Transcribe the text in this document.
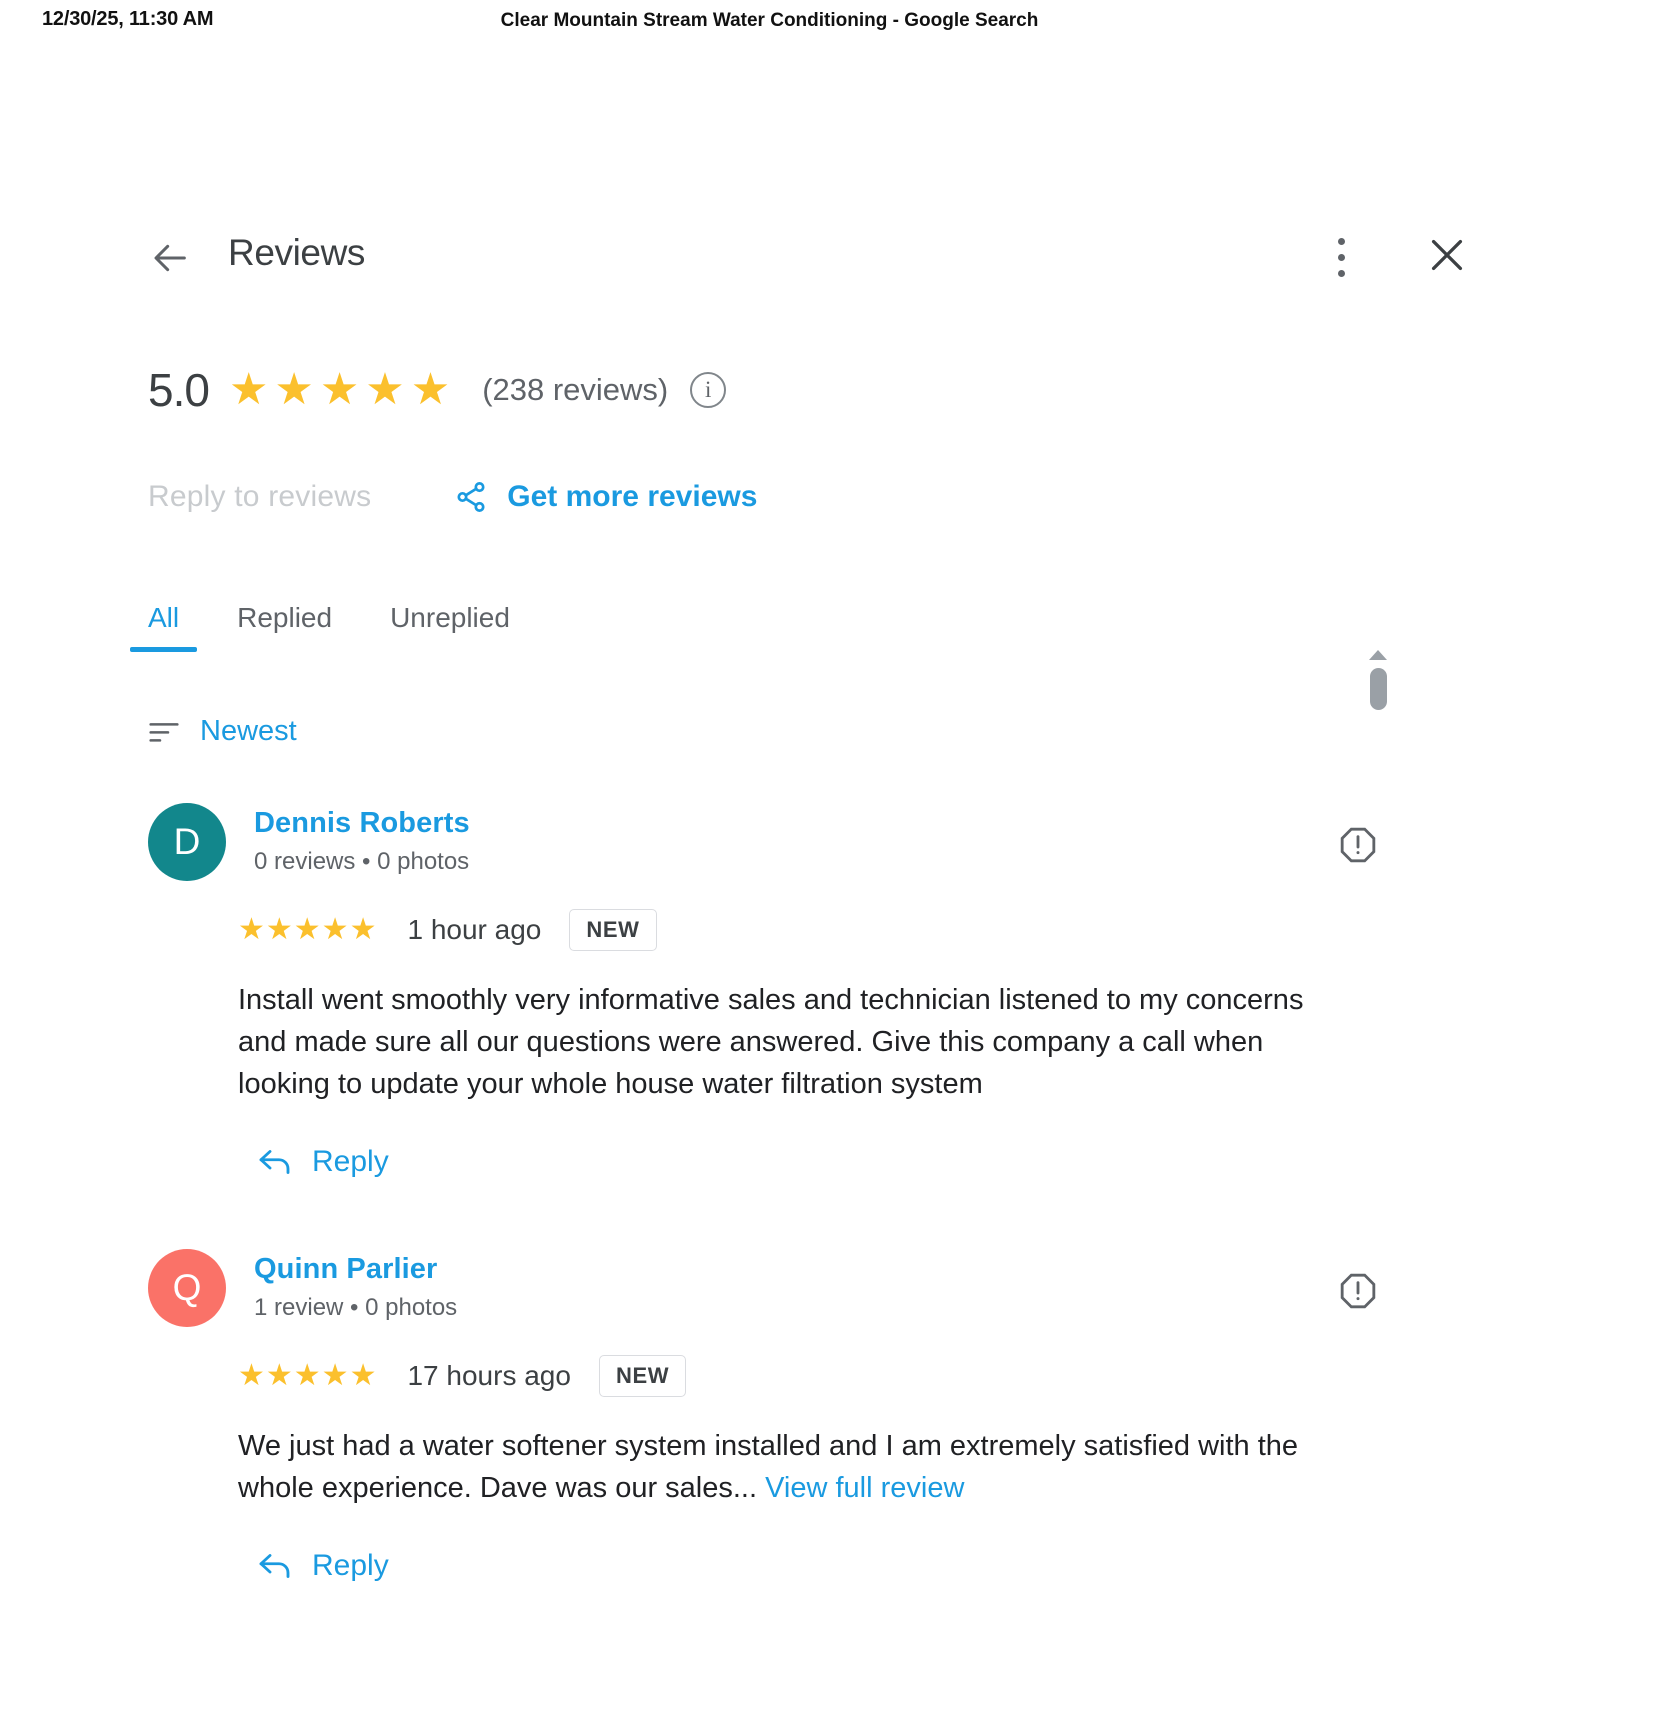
12/30/25, 11:30 AM	Clear Mountain Stream Water Conditioning - Google Search
Reviews
5.0 ★★★★★ (238 reviews)	i
Reply to reviews	Get more reviews
All Replied Unreplied
Newest
D	Dennis Roberts
0 reviews • 0 photos
★★★★★ 1 hour ago	NEW
Install went smoothly very informative sales and technician listened to my concerns and made sure all our questions were answered. Give this company a call when looking to update your whole house water filtration system
Reply
Q	Quinn Parlier
1 review • 0 photos
★★★★★ 17 hours ago	NEW
We just had a water softener system installed and I am extremely satisfied with the whole experience. Dave was our sales... View full review
Reply
